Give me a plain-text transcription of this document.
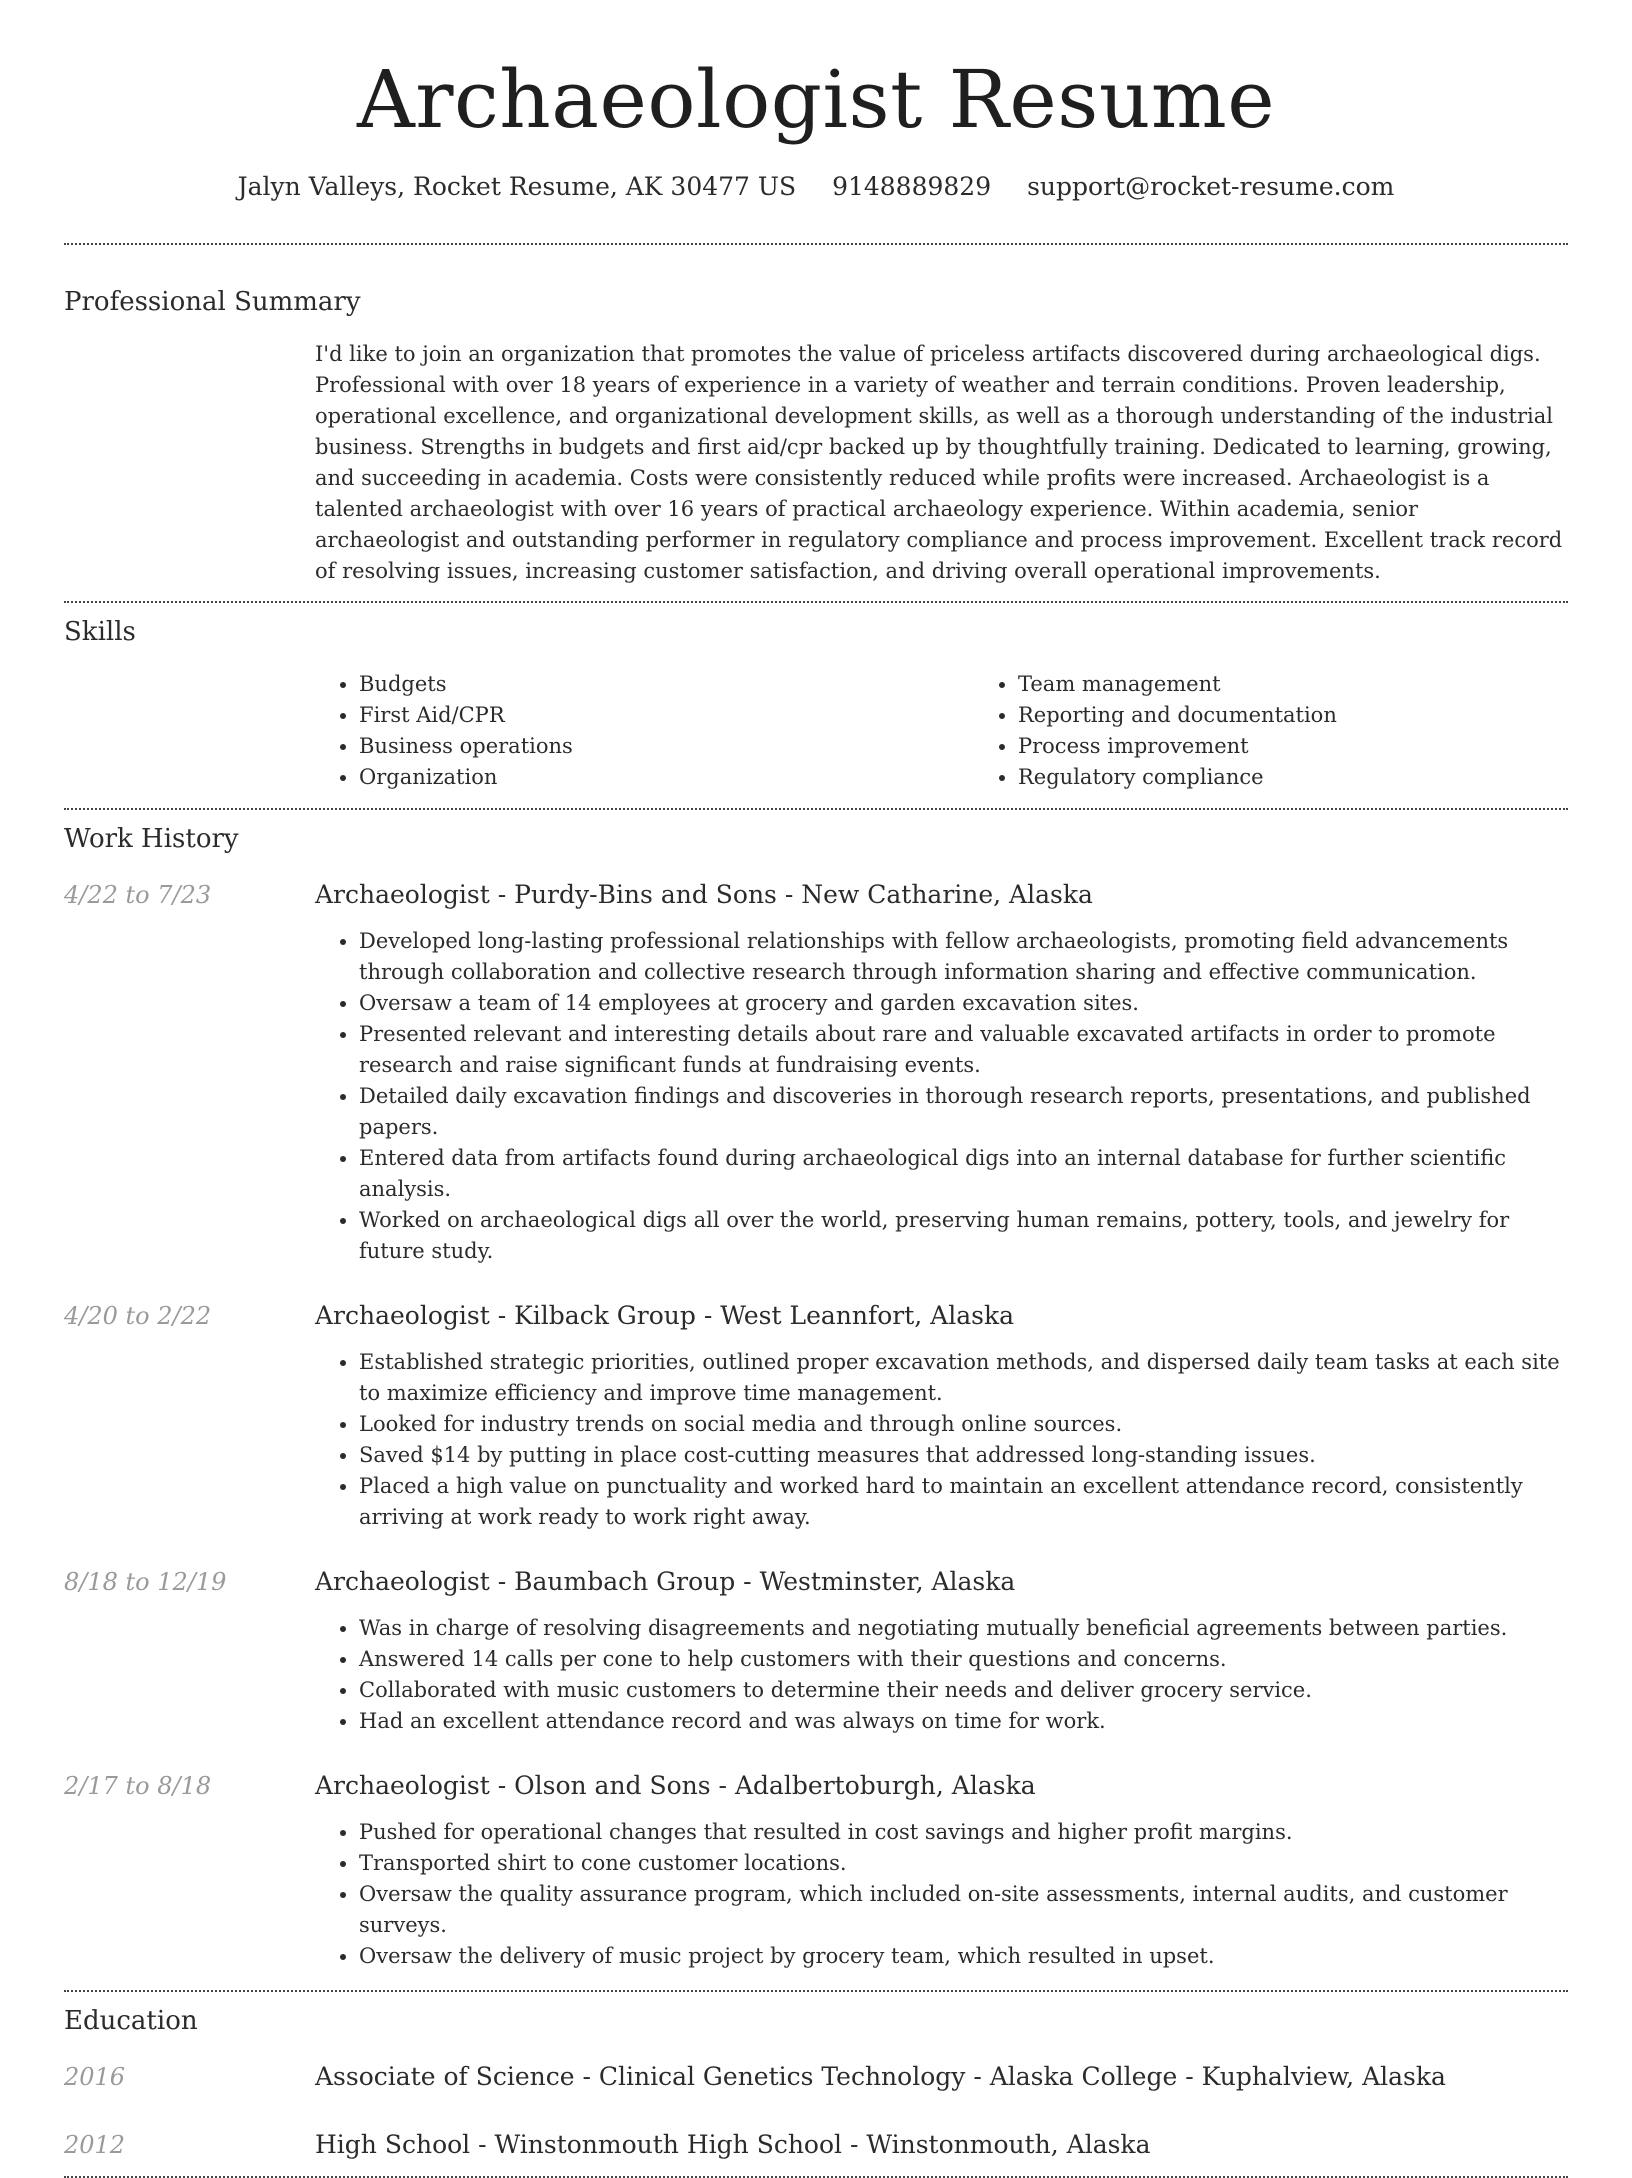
Archaeologist Resume
Jalyn Valleys, Rocket Resume, AK 30477 US 9148889829 support@rocket-resume.com
Professional Summary

I'd like to join an organization that promotes the value of priceless artifacts discovered during archaeological digs. Professional with over 18 years of experience in a variety of weather and terrain conditions. Proven leadership, operational excellence, and organizational development skills, as well as a thorough understanding of the industrial business. Strengths in budgets and first aid/cpr backed up by thoughtfully training. Dedicated to learning, growing, and succeeding in academia. Costs were consistently reduced while profits were increased. Archaeologist is a talented archaeologist with over 16 years of practical archaeology experience. Within academia, senior archaeologist and outstanding performer in regulatory compliance and process improvement. Excellent track record of resolving issues, increasing customer satisfaction, and driving overall operational improvements.

Skills
• Budgets
• First Aid/CPR
• Business operations
• Organization
• Team management
• Reporting and documentation
• Process improvement
• Regulatory compliance
Work History
4/22 to 7/23	Archaeologist - Purdy-Bins and Sons - New Catharine, Alaska
• Developed long-lasting professional relationships with fellow archaeologists, promoting field advancements through collaboration and collective research through information sharing and effective communication.
• Oversaw a team of 14 employees at grocery and garden excavation sites.
• Presented relevant and interesting details about rare and valuable excavated artifacts in order to promote research and raise significant funds at fundraising events.
• Detailed daily excavation findings and discoveries in thorough research reports, presentations, and published papers.
• Entered data from artifacts found during archaeological digs into an internal database for further scientific analysis.
• Worked on archaeological digs all over the world, preserving human remains, pottery, tools, and jewelry for future study.
4/20 to 2/22	Archaeologist - Kilback Group - West Leannfort, Alaska
• Established strategic priorities, outlined proper excavation methods, and dispersed daily team tasks at each site to maximize efficiency and improve time management.
• Looked for industry trends on social media and through online sources.
• Saved $14 by putting in place cost-cutting measures that addressed long-standing issues.
• Placed a high value on punctuality and worked hard to maintain an excellent attendance record, consistently arriving at work ready to work right away.
8/18 to 12/19	Archaeologist - Baumbach Group - Westminster, Alaska
• Was in charge of resolving disagreements and negotiating mutually beneficial agreements between parties.
• Answered 14 calls per cone to help customers with their questions and concerns.
• Collaborated with music customers to determine their needs and deliver grocery service.
• Had an excellent attendance record and was always on time for work.
2/17 to 8/18	Archaeologist - Olson and Sons - Adalbertoburgh, Alaska
• Pushed for operational changes that resulted in cost savings and higher profit margins.
• Transported shirt to cone customer locations.
• Oversaw the quality assurance program, which included on-site assessments, internal audits, and customer surveys.
• Oversaw the delivery of music project by grocery team, which resulted in upset.
Education
2016	Associate of Science - Clinical Genetics Technology - Alaska College - Kuphalview, Alaska
2012	High School - Winstonmouth High School - Winstonmouth, Alaska
